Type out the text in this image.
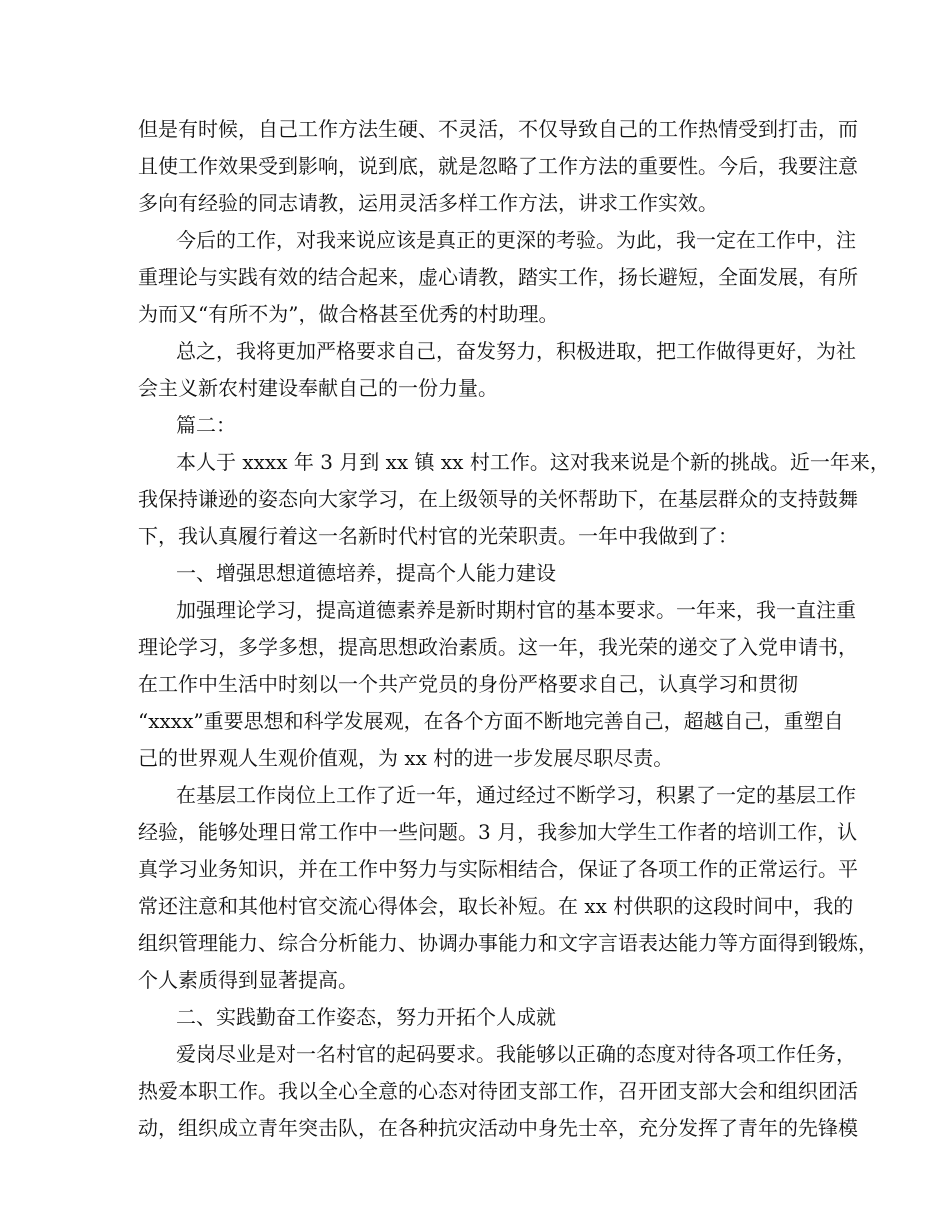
但是有时候，自己工作方法生硬、不灵活，不仅导致自己的工作热情受到打击，而
且使工作效果受到影响，说到底，就是忽略了工作方法的重要性。今后，我要注意
多向有经验的同志请教，运用灵活多样工作方法，讲求工作实效。
今后的工作，对我来说应该是真正的更深的考验。为此，我一定在工作中，注
重理论与实践有效的结合起来，虚心请教，踏实工作，扬长避短，全面发展，有所
为而又“有所不为”，做合格甚至优秀的村助理。
总之，我将更加严格要求自己，奋发努力，积极进取，把工作做得更好，为社
会主义新农村建设奉献自己的一份力量。
篇二：
本人于 xxxx 年 3 月到 xx 镇 xx 村工作。这对我来说是个新的挑战。近一年来，
我保持谦逊的姿态向大家学习，在上级领导的关怀帮助下，在基层群众的支持鼓舞
下，我认真履行着这一名新时代村官的光荣职责。一年中我做到了：
一、增强思想道德培养，提高个人能力建设
加强理论学习，提高道德素养是新时期村官的基本要求。一年来，我一直注重
理论学习，多学多想，提高思想政治素质。这一年，我光荣的递交了入党申请书，
在工作中生活中时刻以一个共产党员的身份严格要求自己，认真学习和贯彻
“xxxx”重要思想和科学发展观，在各个方面不断地完善自己，超越自己，重塑自
己的世界观人生观价值观，为 xx 村的进一步发展尽职尽责。
在基层工作岗位上工作了近一年，通过经过不断学习，积累了一定的基层工作
经验，能够处理日常工作中一些问题。3 月，我参加大学生工作者的培训工作，认
真学习业务知识，并在工作中努力与实际相结合，保证了各项工作的正常运行。平
常还注意和其他村官交流心得体会，取长补短。在 xx 村供职的这段时间中，我的
组织管理能力、综合分析能力、协调办事能力和文字言语表达能力等方面得到锻炼，
个人素质得到显著提高。
二、实践勤奋工作姿态，努力开拓个人成就
爱岗尽业是对一名村官的起码要求。我能够以正确的态度对待各项工作任务，
热爱本职工作。我以全心全意的心态对待团支部工作，召开团支部大会和组织团活
动，组织成立青年突击队，在各种抗灾活动中身先士卒，充分发挥了青年的先锋模
